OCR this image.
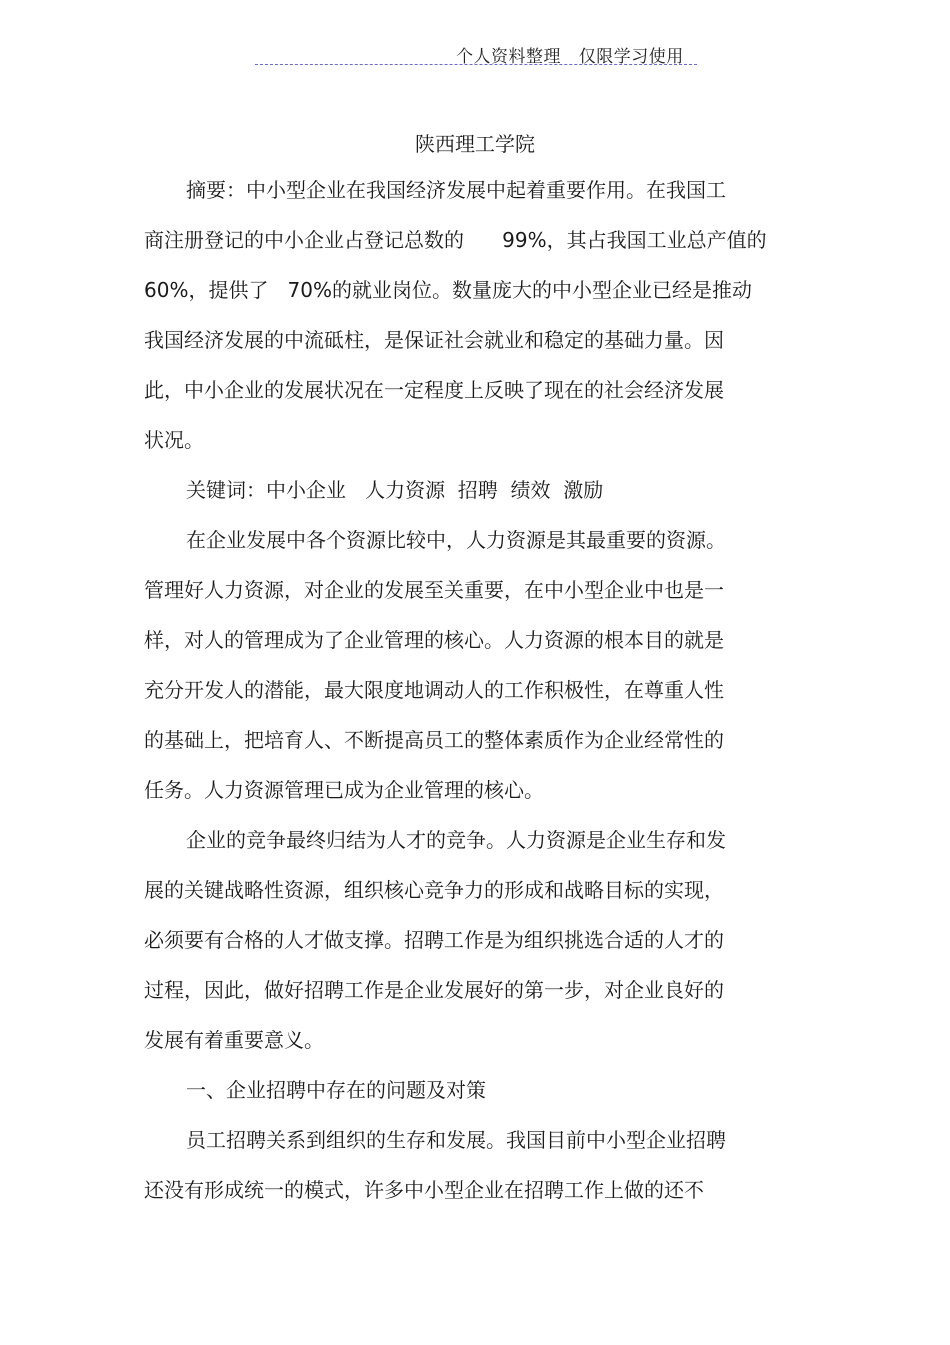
个人资料整理   仅限学习使用
陕西理工学院
摘要：中小型企业在我国经济发展中起着重要作用。在我国工
商注册登记的中小企业占登记总数的      99%，其占我国工业总产值的
60%，提供了   70%的就业岗位。数量庞大的中小型企业已经是推动
我国经济发展的中流砥柱，是保证社会就业和稳定的基础力量。因
此，中小企业的发展状况在一定程度上反映了现在的社会经济发展
状况。
关键词：中小企业   人力资源  招聘  绩效  激励
在企业发展中各个资源比较中，人力资源是其最重要的资源。
管理好人力资源，对企业的发展至关重要，在中小型企业中也是一
样，对人的管理成为了企业管理的核心。人力资源的根本目的就是
充分开发人的潜能，最大限度地调动人的工作积极性，在尊重人性
的基础上，把培育人、不断提高员工的整体素质作为企业经常性的
任务。人力资源管理已成为企业管理的核心。
企业的竞争最终归结为人才的竞争。人力资源是企业生存和发
展的关键战略性资源，组织核心竞争力的形成和战略目标的实现，
必须要有合格的人才做支撑。招聘工作是为组织挑选合适的人才的
过程，因此，做好招聘工作是企业发展好的第一步，对企业良好的
发展有着重要意义。
一、企业招聘中存在的问题及对策
员工招聘关系到组织的生存和发展。我国目前中小型企业招聘
还没有形成统一的模式，许多中小型企业在招聘工作上做的还不
